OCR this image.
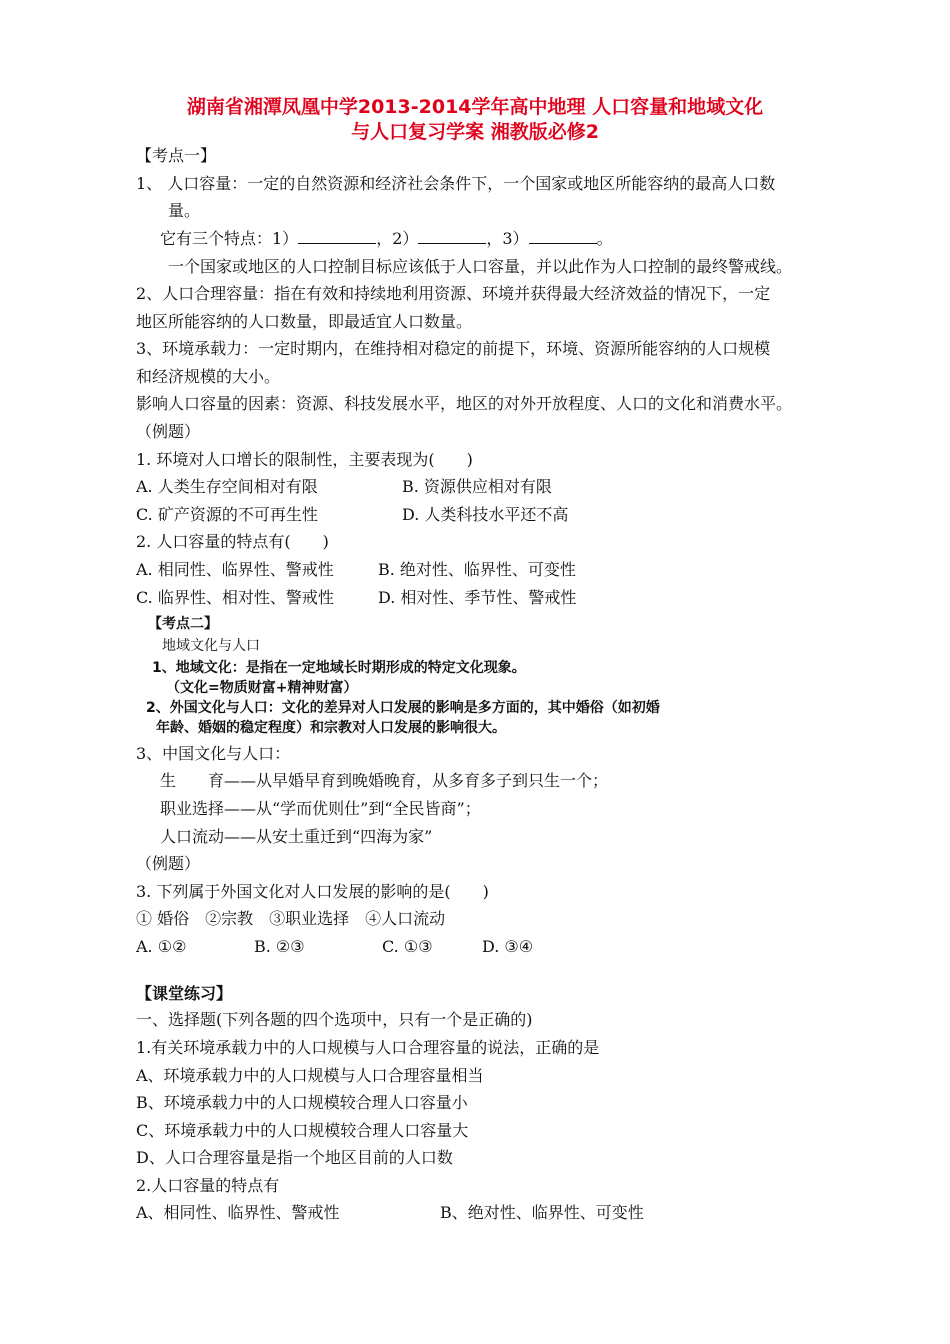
湖南省湘潭凤凰中学2013-2014学年高中地理 人口容量和地域文化
与人口复习学案 湘教版必修2
【考点一】
1、 人口容量：一定的自然资源和经济社会条件下，一个国家或地区所能容纳的最高人口数
量。
它有三个特点：1）	，2）	，3）	。
一个国家或地区的人口控制目标应该低于人口容量，并以此作为人口控制的最终警戒线。
2、人口合理容量：指在有效和持续地利用资源、环境并获得最大经济效益的情况下，一定
地区所能容纳的人口数量，即最适宜人口数量。
3、环境承载力：一定时期内，在维持相对稳定的前提下，环境、资源所能容纳的人口规模
和经济规模的大小。
影响人口容量的因素：资源、科技发展水平，地区的对外开放程度、人口的文化和消费水平。
（例题）
1. 环境对人口增长的限制性，主要表现为(　　)
A. 人类生存空间相对有限	B. 资源供应相对有限
C. 矿产资源的不可再生性	D. 人类科技水平还不高
2. 人口容量的特点有(　　)
A. 相同性、临界性、警戒性	B. 绝对性、临界性、可变性
C. 临界性、相对性、警戒性	D. 相对性、季节性、警戒性
【考点二】
地域文化与人口
1、地域文化：是指在一定地域长时期形成的特定文化现象。
（文化=物质财富+精神财富）
2、外国文化与人口：文化的差异对人口发展的影响是多方面的，其中婚俗（如初婚
年龄、婚姻的稳定程度）和宗教对人口发展的影响很大。
3、中国文化与人口：
生　　育——从早婚早育到晚婚晚育，从多育多子到只生一个；
职业选择——从“学而优则仕”到“全民皆商”；
人口流动——从安土重迁到“四海为家”
（例题）
3. 下列属于外国文化对人口发展的影响的是(　　)
① 婚俗　②宗教　③职业选择　④人口流动
A. ①②	B. ②③	C. ①③	D. ③④
【课堂练习】
一、选择题(下列各题的四个选项中，只有一个是正确的)
1.有关环境承载力中的人口规模与人口合理容量的说法，正确的是
A、环境承载力中的人口规模与人口合理容量相当
B、环境承载力中的人口规模较合理人口容量小
C、环境承载力中的人口规模较合理人口容量大
D、人口合理容量是指一个地区目前的人口数
2.人口容量的特点有
A、相同性、临界性、警戒性	B、绝对性、临界性、可变性
